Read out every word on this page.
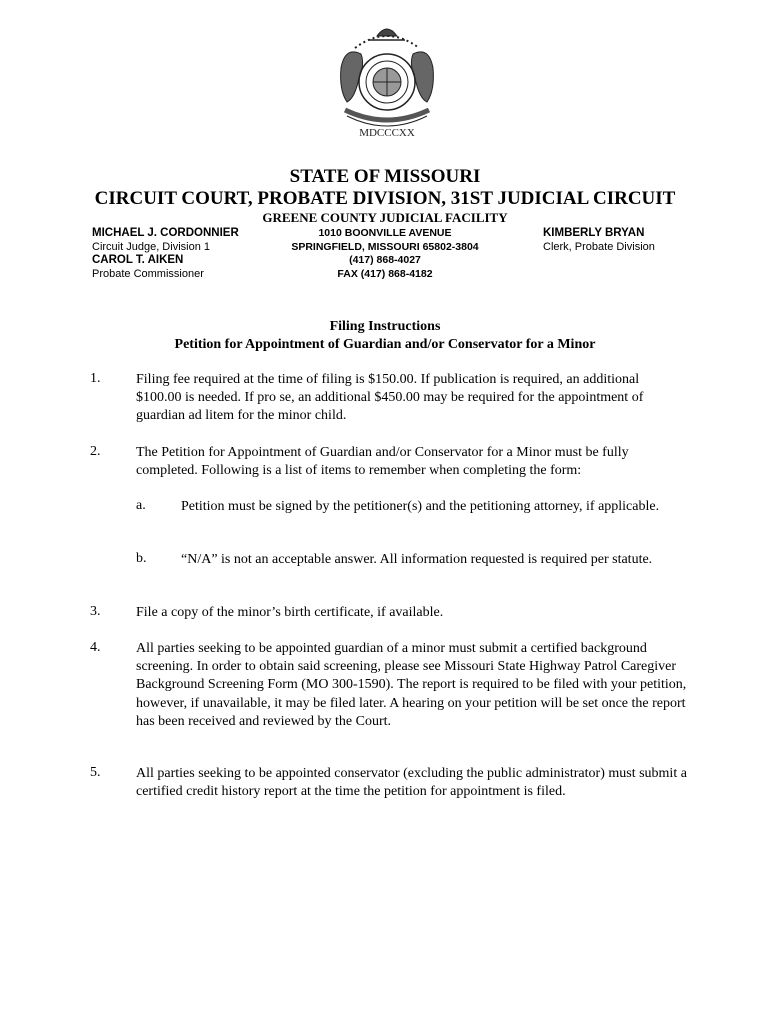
MDCCCXX
STATE OF MISSOURI
CIRCUIT COURT, PROBATE DIVISION, 31ST JUDICIAL CIRCUIT
GREENE COUNTY JUDICIAL FACILITY
MICHAEL J. CORDONNIER
Circuit Judge, Division 1
CAROL T. AIKEN
Probate Commissioner
1010 BOONVILLE AVENUE
SPRINGFIELD, MISSOURI 65802-3804
(417) 868-4027
FAX (417) 868-4182
KIMBERLY BRYAN
Clerk, Probate Division
Filing Instructions
Petition for Appointment of Guardian and/or Conservator for a Minor
1.	Filing fee required at the time of filing is $150.00. If publication is required, an additional $100.00 is needed. If pro se, an additional $450.00 may be required for the appointment of guardian ad litem for the minor child.
2.	The Petition for Appointment of Guardian and/or Conservator for a Minor must be fully completed. Following is a list of items to remember when completing the form:
a.	Petition must be signed by the petitioner(s) and the petitioning attorney, if applicable.
b. “N/A” is not an acceptable answer. All information requested is required per statute.
3.	File a copy of the minor’s birth certificate, if available.
4.	All parties seeking to be appointed guardian of a minor must submit a certified background screening. In order to obtain said screening, please see Missouri State Highway Patrol Caregiver Background Screening Form (MO 300-1590). The report is required to be filed with your petition, however, if unavailable, it may be filed later. A hearing on your petition will be set once the report has been received and reviewed by the Court.
5.	All parties seeking to be appointed conservator (excluding the public administrator) must submit a certified credit history report at the time the petition for appointment is filed.
